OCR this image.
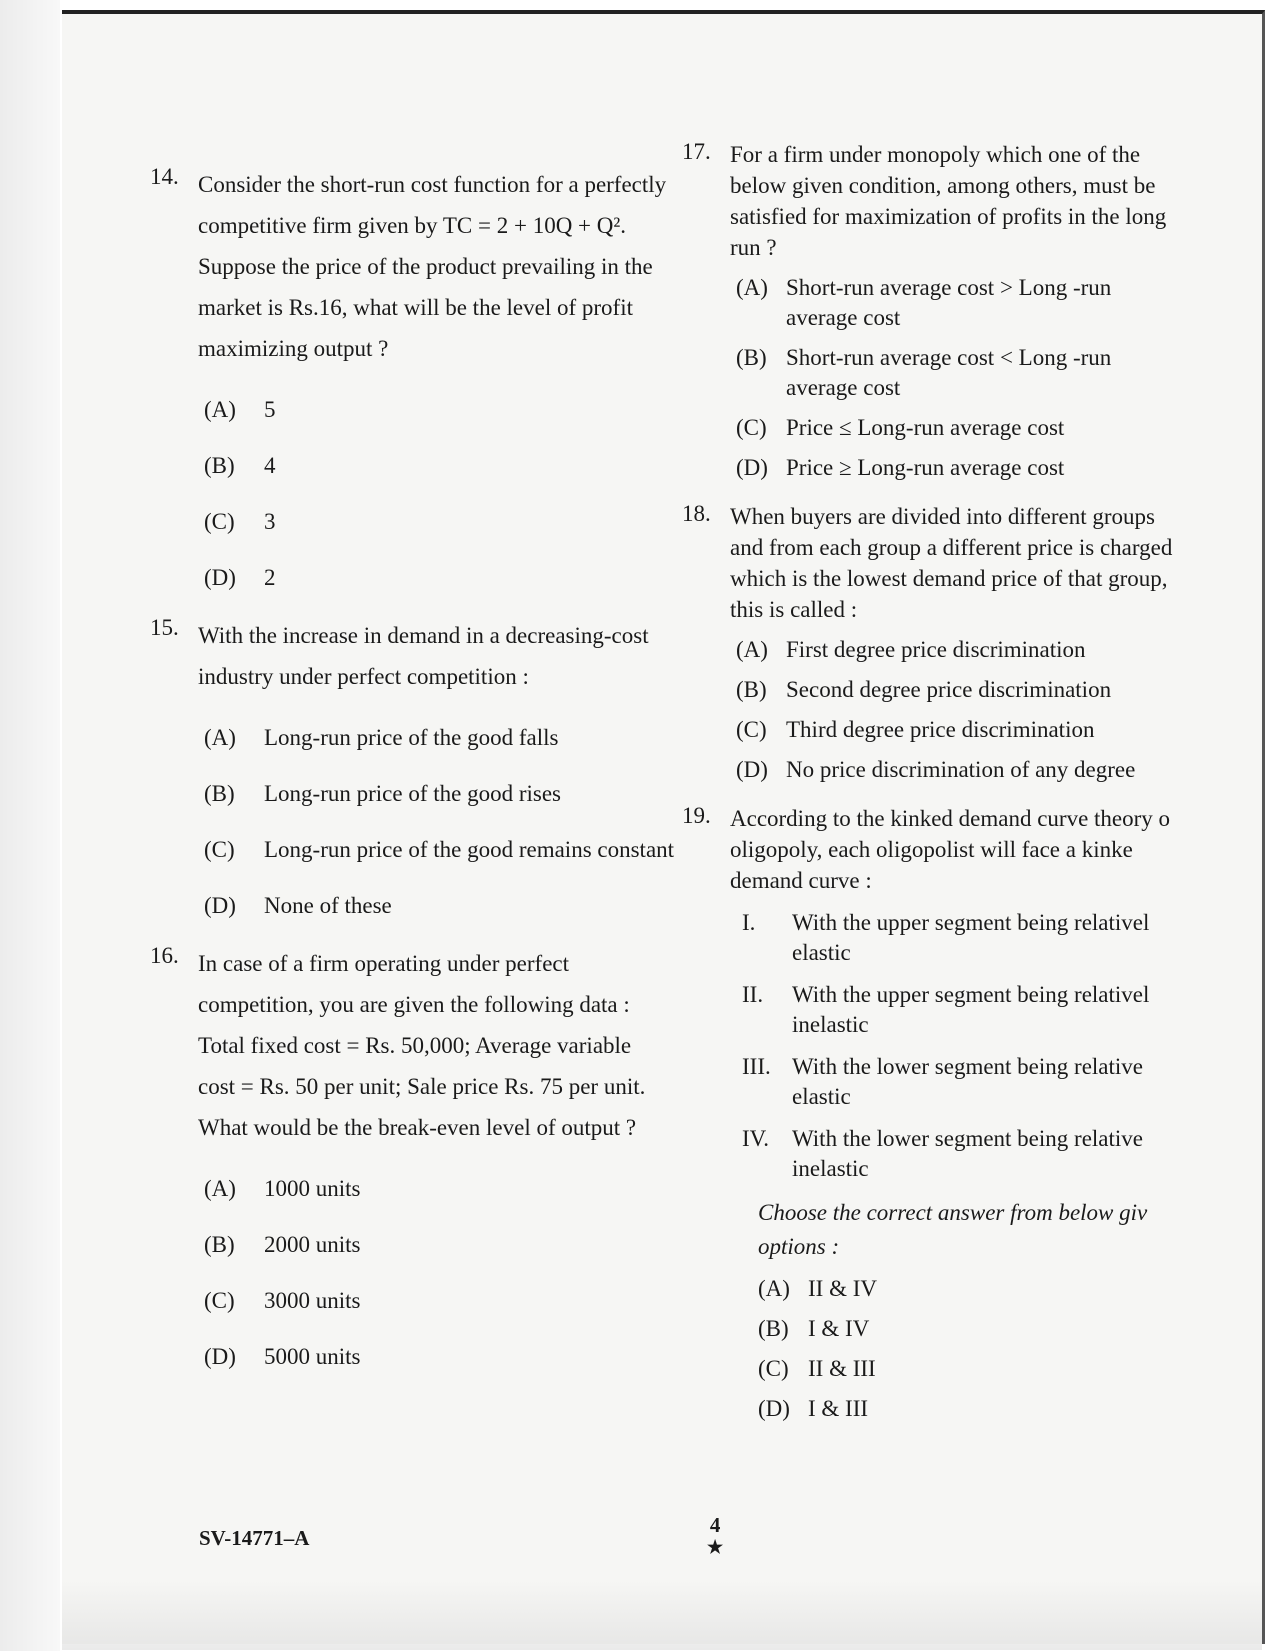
14. Consider the short-run cost function for a perfectly competitive firm given by TC = 2 + 10Q + Q². Suppose the price of the product prevailing in the market is Rs.16, what will be the level of profit maximizing output ?
(A) 5
(B) 4
(C) 3
(D) 2
15. With the increase in demand in a decreasing-cost industry under perfect competition :
(A) Long-run price of the good falls
(B) Long-run price of the good rises
(C) Long-run price of the good remains constant
(D) None of these
16. In case of a firm operating under perfect competition, you are given the following data : Total fixed cost = Rs. 50,000; Average variable cost = Rs. 50 per unit; Sale price Rs. 75 per unit. What would be the break-even level of output ?
(A) 1000 units
(B) 2000 units
(C) 3000 units
(D) 5000 units
17. For a firm under monopoly which one of the below given condition, among others, must be satisfied for maximization of profits in the long run ?
(A) Short-run average cost > Long -run average cost
(B) Short-run average cost < Long -run average cost
(C) Price ≤ Long-run average cost
(D) Price ≥ Long-run average cost
18. When buyers are divided into different groups and from each group a different price is charged which is the lowest demand price of that group, this is called :
(A) First degree price discrimination
(B) Second degree price discrimination
(C) Third degree price discrimination
(D) No price discrimination of any degree
19. According to the kinked demand curve theory o oligopoly, each oligopolist will face a kinke demand curve :
I. With the upper segment being relativel elastic
II. With the upper segment being relativel inelastic
III. With the lower segment being relative elastic
IV. With the lower segment being relative inelastic
Choose the correct answer from below giv options :
(A) II & IV
(B) I & IV
(C) II & III
(D) I & III
SV-14771–A
4
★
